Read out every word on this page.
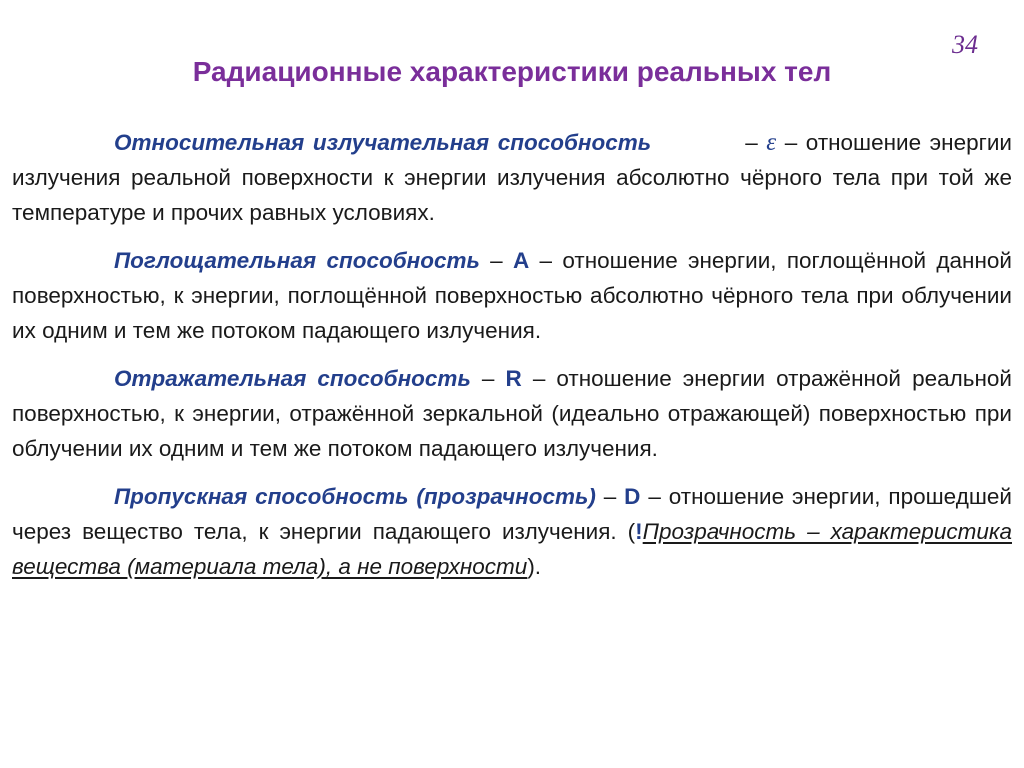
34
Радиационные характеристики реальных тел

Относительная излучательная способность	– ε – отношение энергии излучения реальной поверхности к энергии излучения абсолютно чёрного тела при той же температуре и прочих равных условиях.

Поглощательная способность – A – отношение энергии, поглощённой данной поверхностью, к энергии, поглощённой поверхностью абсолютно чёрного тела при облучении их одним и тем же потоком падающего излучения.

Отражательная способность – R – отношение энергии отражённой реальной поверхностью, к энергии, отражённой зеркальной (идеально отражающей) поверхностью при облучении их одним и тем же потоком падающего излучения.

Пропускная способность (прозрачность) – D – отношение энергии, прошедшей через вещество тела, к энергии падающего излучения. (!Прозрачность – характеристика вещества (материала тела), а не поверхности).
